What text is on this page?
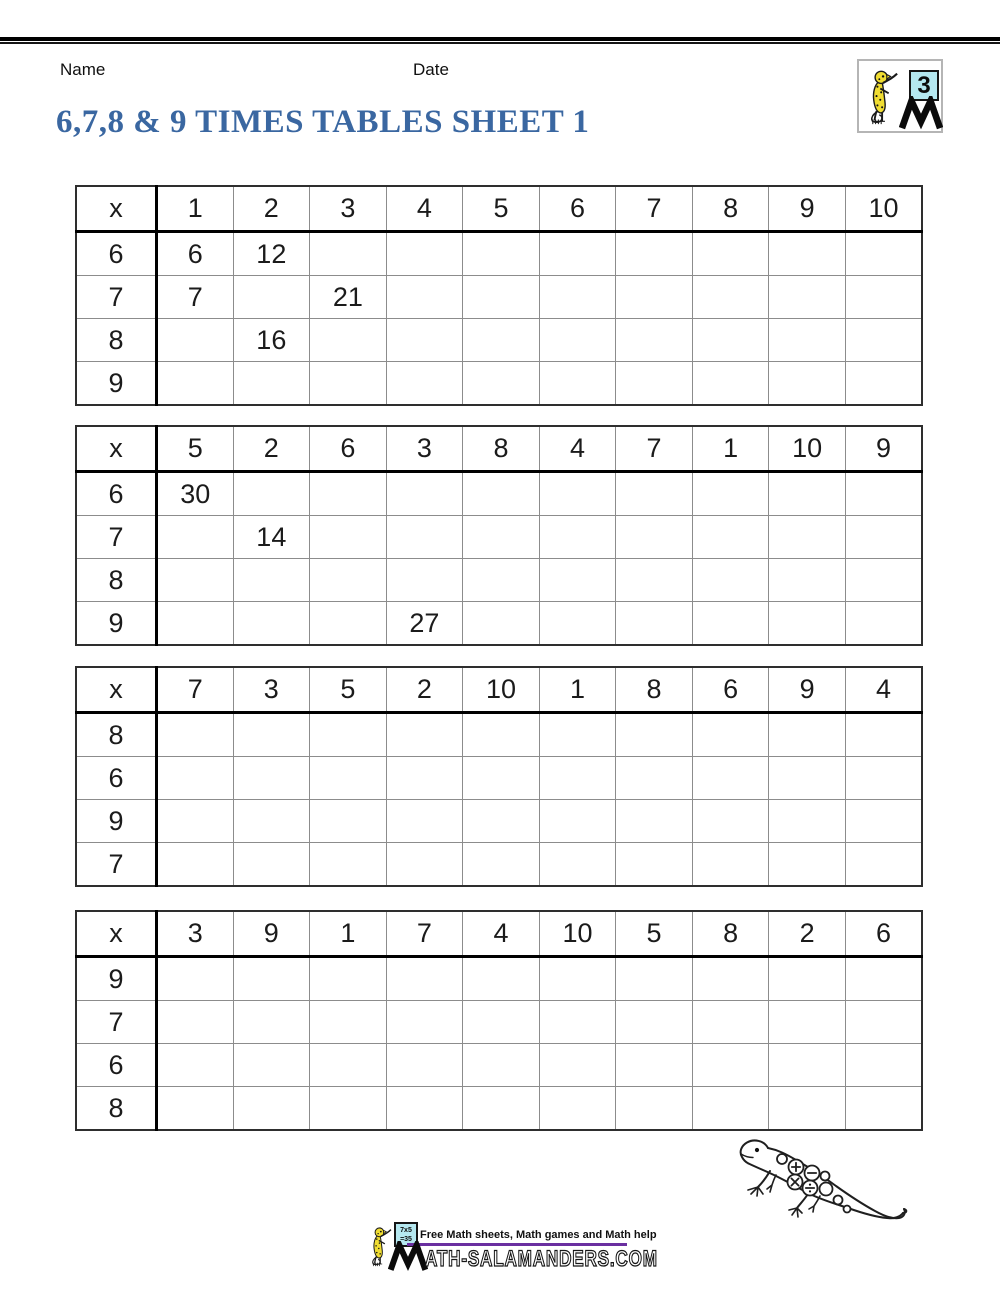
Name	Date
3
6,7,8 & 9 TIMES TABLES SHEET 1
x	1	2	3	4	5	6	7	8	9	10
6	6	12								
7	7		21							
8		16								
9										
x	5	2	6	3	8	4	7	1	10	9
6	30									
7		14								
8										
9				27						
x	7	3	5	2	10	1	8	6	9	4
8										
6										
9										
7										
x	3	9	1	7	4	10	5	8	2	6
9										
7										
6										
8										
7x5
=35 Free Math sheets, Math games and Math help
ATH-SALAMANDERS.COM
